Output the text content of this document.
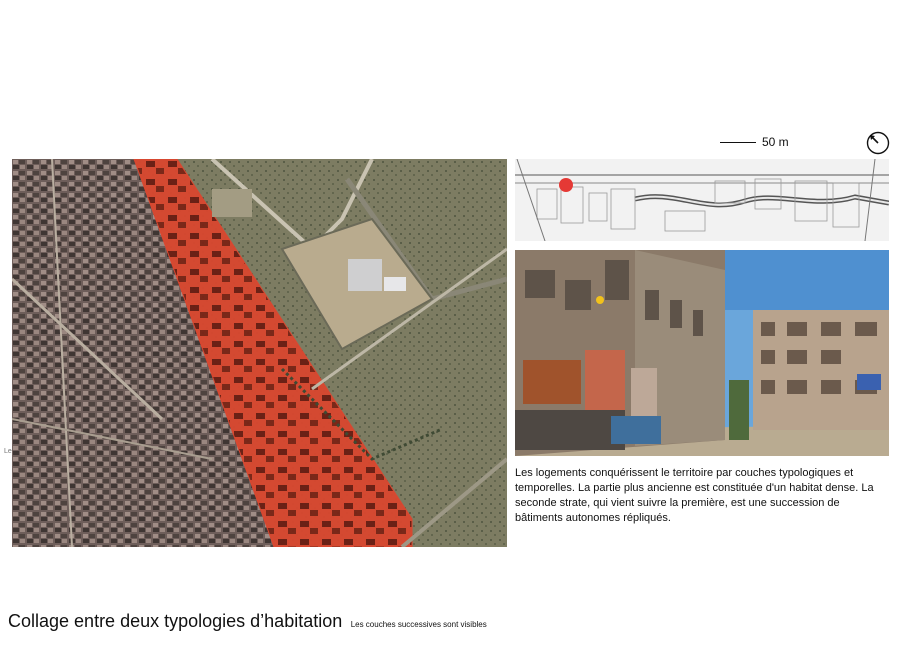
50 m

Les logements conquérissent le territoire par couches typologiques et temporelles. La partie plus ancienne est constituée d'un habitat dense. La seconde strate, qui vient suivre la première, est une succession de bâtiments autonomes répliqués.

Le
Collage entre deux typologies d’habitation Les couches successives sont visibles
